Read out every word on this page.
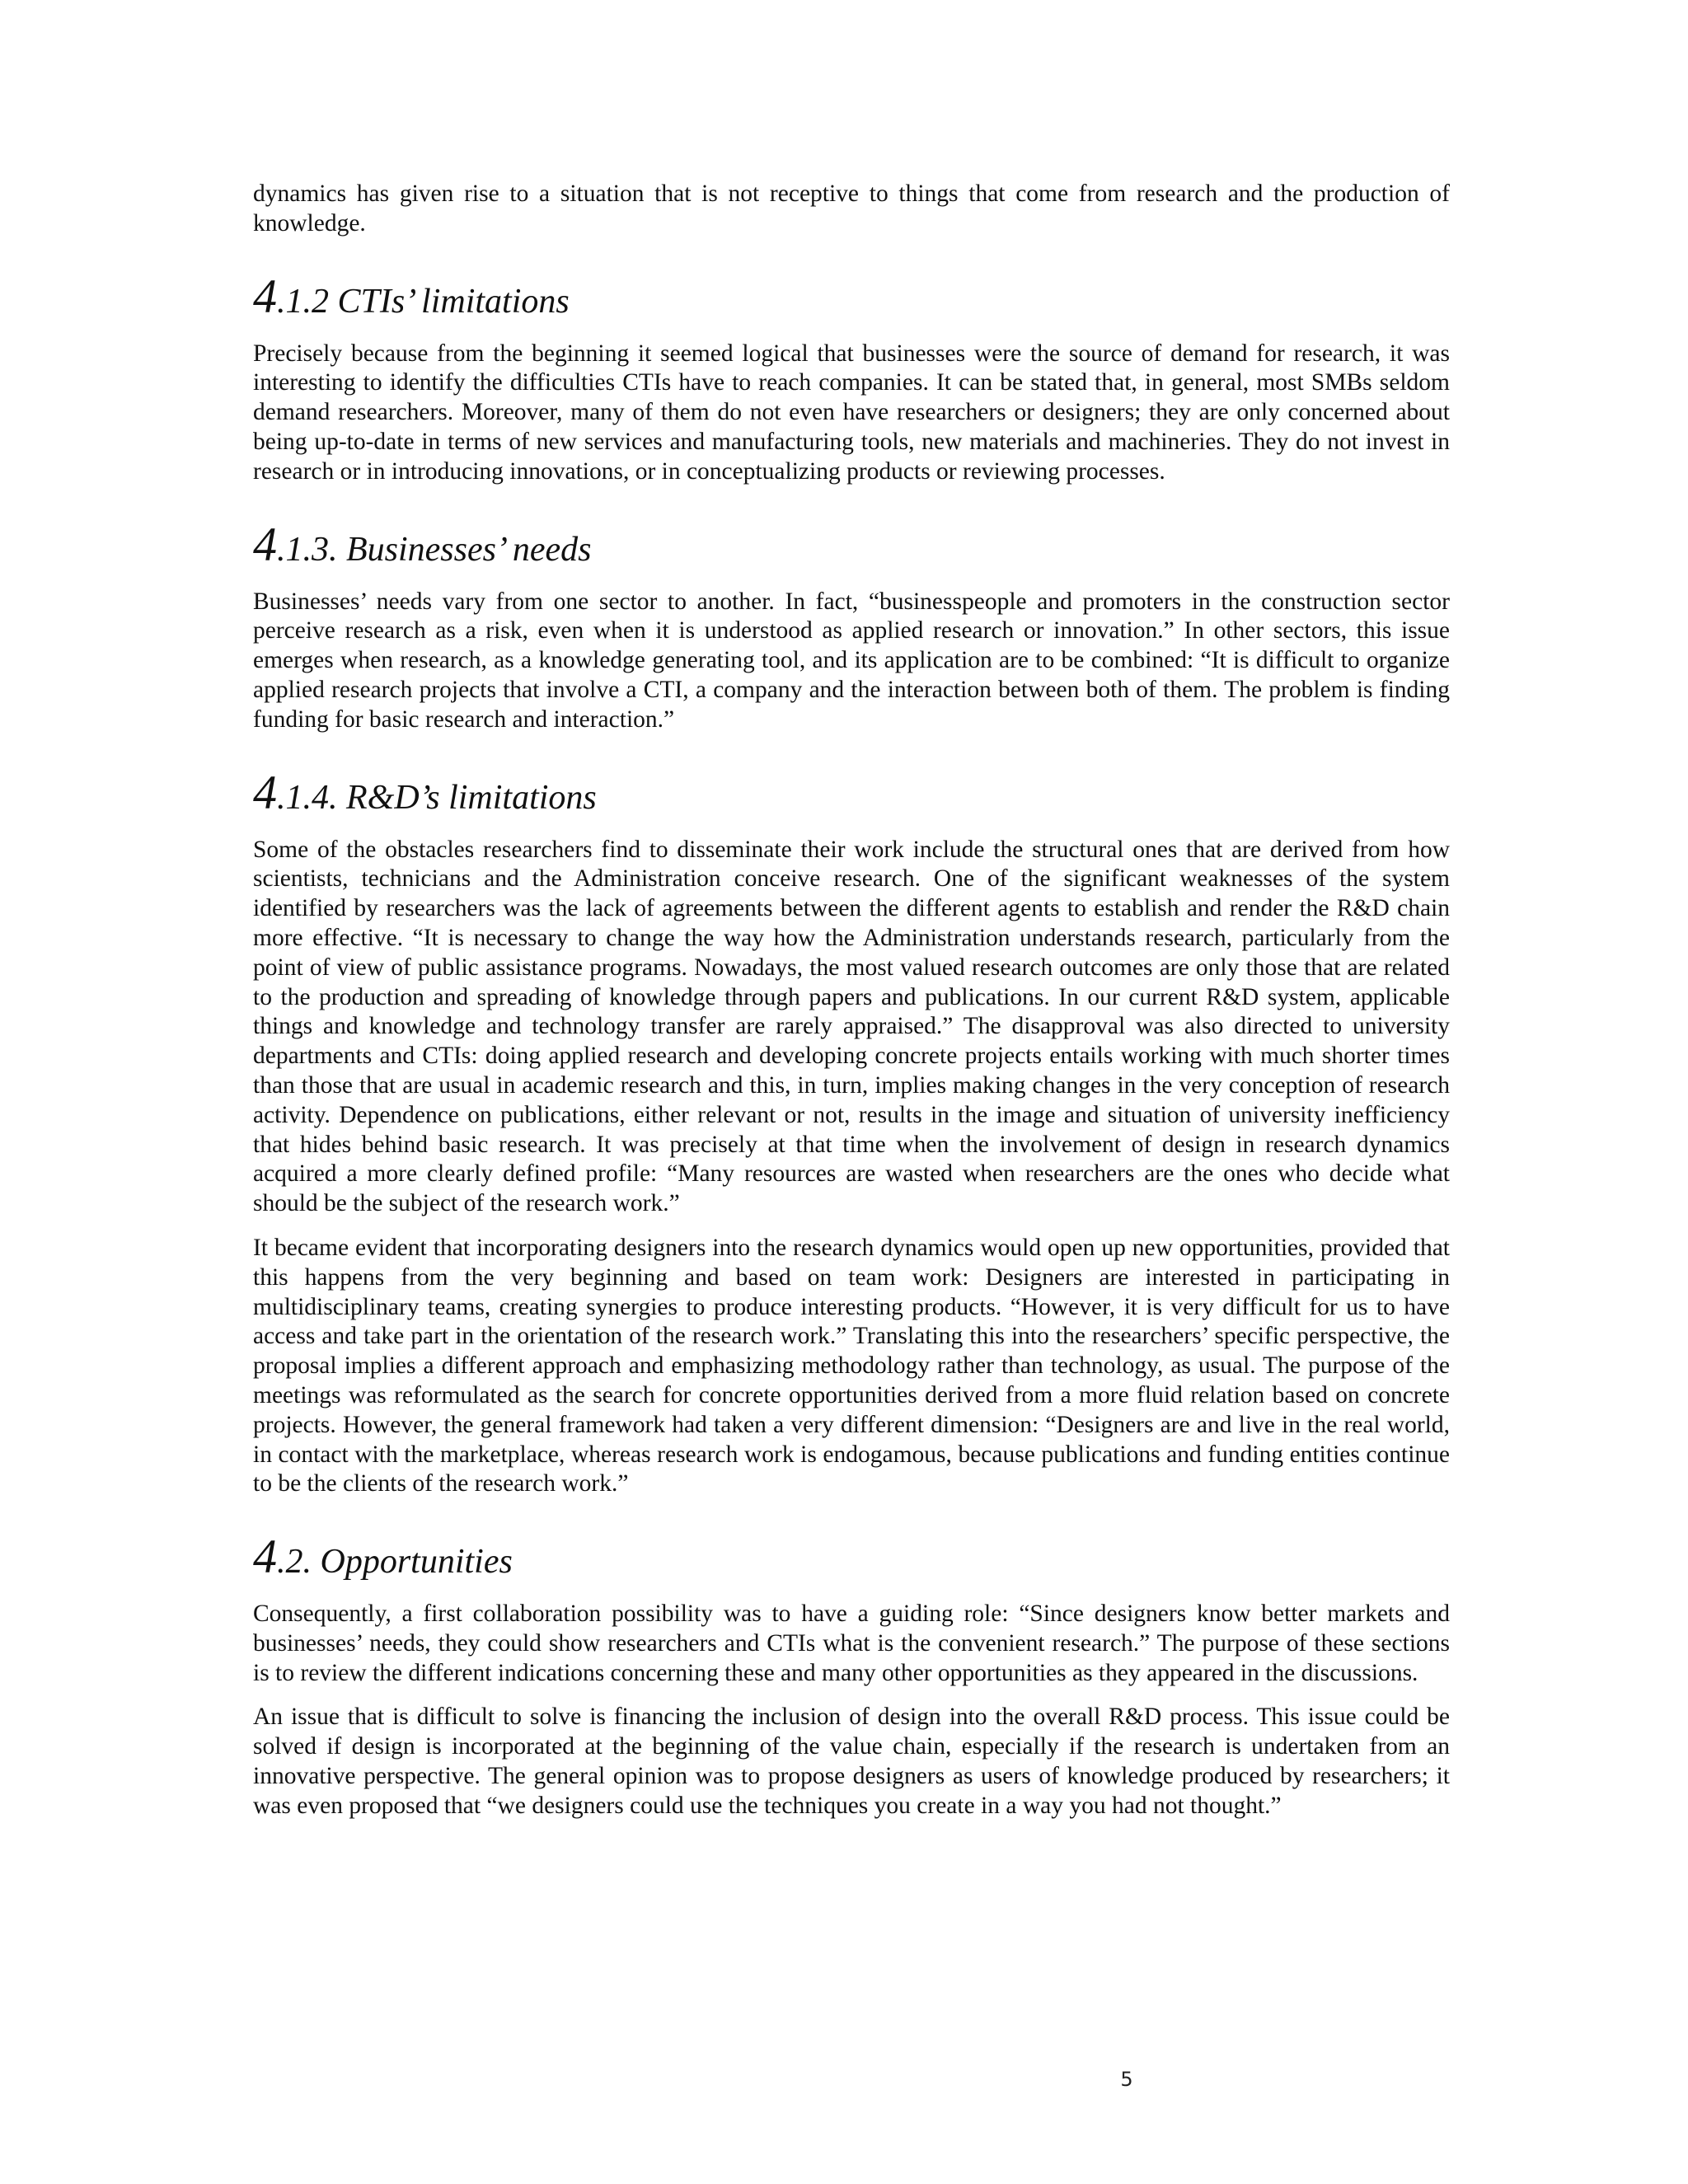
dynamics has given rise to a situation that is not receptive to things that come from research and the production of knowledge.

4.1.2 CTIs’ limitations

Precisely because from the beginning it seemed logical that businesses were the source of demand for research, it was interesting to identify the difficulties CTIs have to reach companies. It can be stated that, in general, most SMBs seldom demand researchers. Moreover, many of them do not even have researchers or designers; they are only concerned about being up-to-date in terms of new services and manufacturing tools, new materials and machineries. They do not invest in research or in introducing innovations, or in conceptualizing products or reviewing processes.

4.1.3. Businesses’ needs

Businesses’ needs vary from one sector to another. In fact, “businesspeople and promoters in the construction sector perceive research as a risk, even when it is understood as applied research or innovation.” In other sectors, this issue emerges when research, as a knowledge generating tool, and its application are to be combined: “It is difficult to organize applied research projects that involve a CTI, a company and the interaction between both of them. The problem is finding funding for basic research and interaction.”

4.1.4. R&D’s limitations

Some of the obstacles researchers find to disseminate their work include the structural ones that are derived from how scientists, technicians and the Administration conceive research. One of the significant weaknesses of the system identified by researchers was the lack of agreements between the different agents to establish and render the R&D chain more effective. “It is necessary to change the way how the Administration understands research, particularly from the point of view of public assistance programs. Nowadays, the most valued research outcomes are only those that are related to the production and spreading of knowledge through papers and publications. In our current R&D system, applicable things and knowledge and technology transfer are rarely appraised.” The disapproval was also directed to university departments and CTIs: doing applied research and developing concrete projects entails working with much shorter times than those that are usual in academic research and this, in turn, implies making changes in the very conception of research activity. Dependence on publications, either relevant or not, results in the image and situation of university inefficiency that hides behind basic research. It was precisely at that time when the involvement of design in research dynamics acquired a more clearly defined profile: “Many resources are wasted when researchers are the ones who decide what should be the subject of the research work.”

It became evident that incorporating designers into the research dynamics would open up new opportunities, provided that this happens from the very beginning and based on team work: Designers are interested in participating in multidisciplinary teams, creating synergies to produce interesting products. “However, it is very difficult for us to have access and take part in the orientation of the research work.” Translating this into the researchers’ specific perspective, the proposal implies a different approach and emphasizing methodology rather than technology, as usual. The purpose of the meetings was reformulated as the search for concrete opportunities derived from a more fluid relation based on concrete projects. However, the general framework had taken a very different dimension: “Designers are and live in the real world, in contact with the marketplace, whereas research work is endogamous, because publications and funding entities continue to be the clients of the research work.”

4.2. Opportunities

Consequently, a first collaboration possibility was to have a guiding role: “Since designers know better markets and businesses’ needs, they could show researchers and CTIs what is the convenient research.” The purpose of these sections is to review the different indications concerning these and many other opportunities as they appeared in the discussions.

An issue that is difficult to solve is financing the inclusion of design into the overall R&D process. This issue could be solved if design is incorporated at the beginning of the value chain, especially if the research is undertaken from an innovative perspective. The general opinion was to propose designers as users of knowledge produced by researchers; it was even proposed that “we designers could use the techniques you create in a way you had not thought.”

5
